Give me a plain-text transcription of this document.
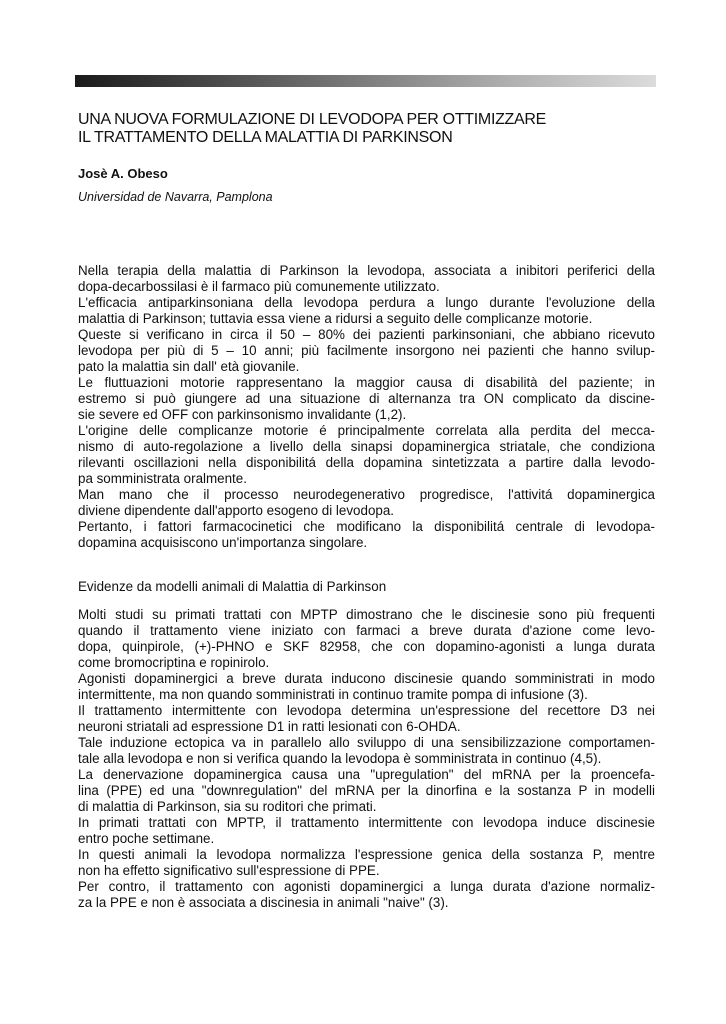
UNA NUOVA FORMULAZIONE DI LEVODOPA PER OTTIMIZZARE
IL TRATTAMENTO DELLA MALATTIA DI PARKINSON
Josè A. Obeso
Universidad de Navarra, Pamplona
Nella terapia della malattia di Parkinson la levodopa, associata a inibitori periferici della
dopa-decarbossilasi è il farmaco più comunemente utilizzato.
L'efficacia antiparkinsoniana della levodopa perdura a lungo durante l'evoluzione della
malattia di Parkinson; tuttavia essa viene a ridursi a seguito delle complicanze motorie.
Queste si verificano in circa il 50 – 80% dei pazienti parkinsoniani, che abbiano ricevuto
levodopa per più di 5 – 10 anni; più facilmente insorgono nei pazienti che hanno svilup-
pato la malattia sin dall' età giovanile.
Le fluttuazioni motorie rappresentano la maggior causa di disabilità del paziente; in
estremo si può giungere ad una situazione di alternanza tra ON complicato da discine-
sie severe ed OFF con parkinsonismo invalidante (1,2).
L'origine delle complicanze motorie é principalmente correlata alla perdita del mecca-
nismo di auto-regolazione a livello della sinapsi dopaminergica striatale, che condiziona
rilevanti oscillazioni nella disponibilitá della dopamina sintetizzata a partire dalla levodo-
pa somministrata oralmente.
Man mano che il processo neurodegenerativo progredisce, l'attivitá dopaminergica
diviene dipendente dall'apporto esogeno di levodopa.
Pertanto, i fattori farmacocinetici che modificano la disponibilitá centrale di levodopa-
dopamina acquisiscono un'importanza singolare.
Evidenze da modelli animali di Malattia di Parkinson
Molti studi su primati trattati con MPTP dimostrano che le discinesie sono più frequenti
quando il trattamento viene iniziato con farmaci a breve durata d'azione come levo-
dopa, quinpirole, (+)-PHNO e SKF 82958, che con dopamino-agonisti a lunga durata
come bromocriptina e ropinirolo.
Agonisti dopaminergici a breve durata inducono discinesie quando somministrati in modo
intermittente, ma non quando somministrati in continuo tramite pompa di infusione (3).
Il trattamento intermittente con levodopa determina un'espressione del recettore D3 nei
neuroni striatali ad espressione D1 in ratti lesionati con 6-OHDA.
Tale induzione ectopica va in parallelo allo sviluppo di una sensibilizzazione comportamen-
tale alla levodopa e non si verifica quando la levodopa è somministrata in continuo (4,5).
La denervazione dopaminergica causa una "upregulation" del mRNA per la proencefa-
lina (PPE) ed una "downregulation" del mRNA per la dinorfina e la sostanza P in modelli
di malattia di Parkinson, sia su roditori che primati.
In primati trattati con MPTP, il trattamento intermittente con levodopa induce discinesie
entro poche settimane.
In questi animali la levodopa normalizza l'espressione genica della sostanza P, mentre
non ha effetto significativo sull'espressione di PPE.
Per contro, il trattamento con agonisti dopaminergici a lunga durata d'azione normaliz-
za la PPE e non è associata a discinesia in animali "naive" (3).
